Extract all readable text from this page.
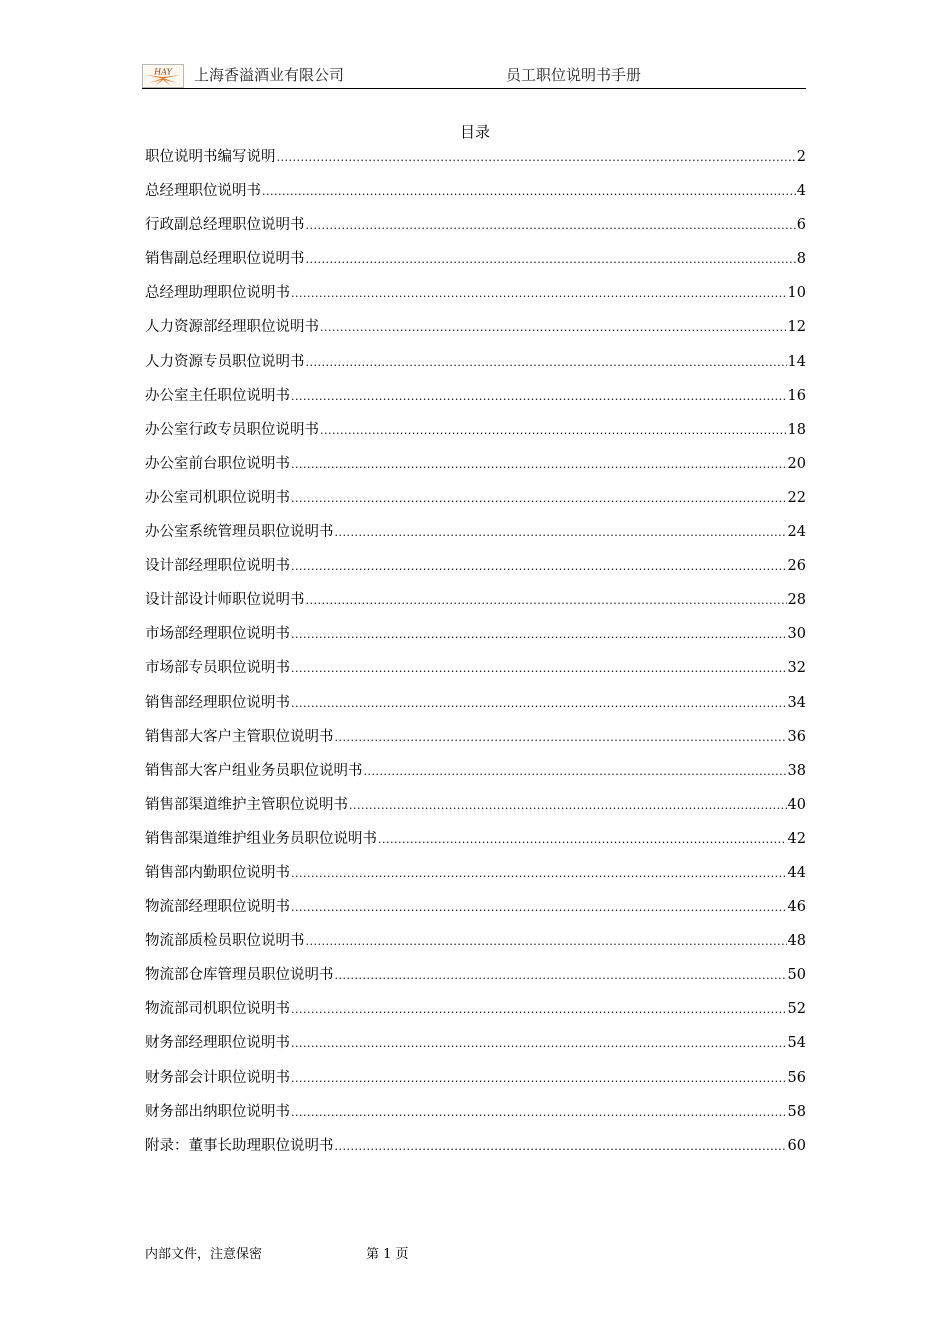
HAY 上海香溢酒业有限公司	员工职位说明书手册
目录
职位说明书编写说明 .....	2
总经理职位说明书 .....	4
行政副总经理职位说明书 .....	6
销售副总经理职位说明书 .....	8
总经理助理职位说明书 .....	10
人力资源部经理职位说明书 .....	12
人力资源专员职位说明书 .....	14
办公室主任职位说明书 .....	16
办公室行政专员职位说明书 .....	18
办公室前台职位说明书 .....	20
办公室司机职位说明书 .....	22
办公室系统管理员职位说明书 .....	24
设计部经理职位说明书 .....	26
设计部设计师职位说明书 .....	28
市场部经理职位说明书 .....	30
市场部专员职位说明书 .....	32
销售部经理职位说明书 .....	34
销售部大客户主管职位说明书 .....	36
销售部大客户组业务员职位说明书 .....	38
销售部渠道维护主管职位说明书 .....	40
销售部渠道维护组业务员职位说明书 .....	42
销售部内勤职位说明书 .....	44
物流部经理职位说明书 .....	46
物流部质检员职位说明书 .....	48
物流部仓库管理员职位说明书 .....	50
物流部司机职位说明书 .....	52
财务部经理职位说明书 .....	54
财务部会计职位说明书 .....	56
财务部出纳职位说明书 .....	58
附录：董事长助理职位说明书 .....	60
内部文件，注意保密	第 1 页
